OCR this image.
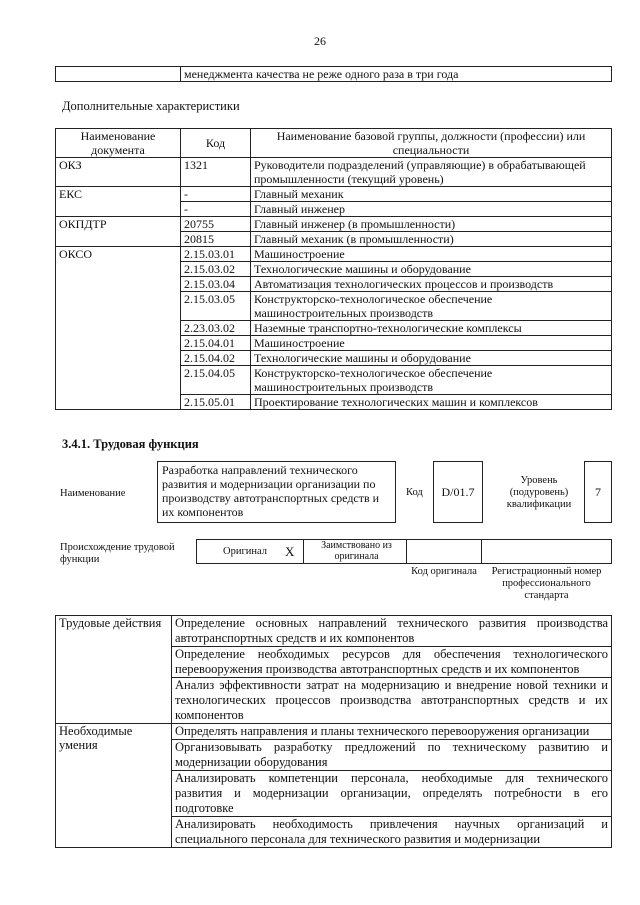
26
	менеджмента качества не реже одного раза в три года
Дополнительные характеристики
Наименование документа	Код	Наименование базовой группы, должности (профессии) или специальности
ОКЗ	1321	Руководители подразделений (управляющие) в обрабатывающей промышленности (текущий уровень)
ЕКС	-	Главный механик
	-	Главный инженер
ОКПДТР	20755	Главный инженер (в промышленности)
	20815	Главный механик (в промышленности)
ОКСО	2.15.03.01	Машиностроение
	2.15.03.02	Технологические машины и оборудование
	2.15.03.04	Автоматизация технологических процессов и производств
	2.15.03.05	Конструкторско-технологическое обеспечение машиностроительных производств
	2.23.03.02	Наземные транспортно-технологические комплексы
	2.15.04.01	Машиностроение
	2.15.04.02	Технологические машины и оборудование
	2.15.04.05	Конструкторско-технологическое обеспечение машиностроительных производств
	2.15.05.01	Проектирование технологических машин и комплексов
3.4.1. Трудовая функция
Наименование
Разработка направлений технического развития и модернизации организации по производству автотранспортных средств и их компонентов
Код D/01.7
Уровень (подуровень) квалификации
7
Происхождение трудовой функции
Оригинал X	Заимствовано из оригинала
Код оригинала	Регистрационный номер профессионального стандарта
Трудовые действия	Определение основных направлений технического развития производства автотранспортных средств и их компонентов
	Определение необходимых ресурсов для обеспечения технологического перевооружения производства автотранспортных средств и их компонентов
	Анализ эффективности затрат на модернизацию и внедрение новой техники и технологических процессов производства автотранспортных средств и их компонентов
Необходимые умения	Определять направления и планы технического перевооружения организации
	Организовывать разработку предложений по техническому развитию и модернизации оборудования
	Анализировать компетенции персонала, необходимые для технического развития и модернизации организации, определять потребности в его подготовке
	Анализировать необходимость привлечения научных организаций и специального персонала для технического развития и модернизации
